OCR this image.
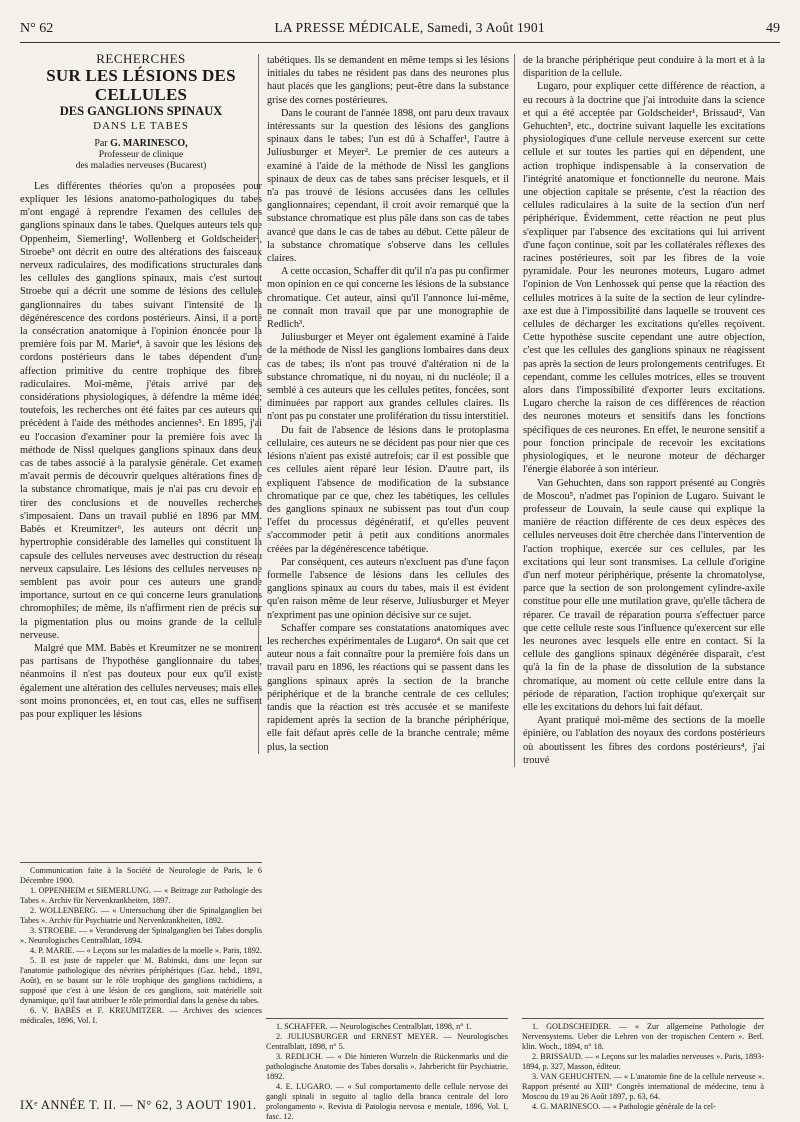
N° 62	LA PRESSE MÉDICALE, Samedi, 3 Août 1901	49
RECHERCHES
SUR LES LÉSIONS DES CELLULES
DES GANGLIONS SPINAUX
DANS LE TABES
Par G. MARINESCO,
Professeur de clinique
des maladies nerveuses (Bucarest)

Les différentes théories qu'on a proposées pour expliquer les lésions anatomo-pathologiques du tabes m'ont engagé à reprendre l'examen des cellules des ganglions spinaux dans le tabes. Quelques auteurs tels que Oppenheim, Siemerling¹, Wollenberg et Goldscheider², Stroebe³ ont décrit en outre des altérations des faisceaux nerveux radiculaires, des modifications structurales dans les cellules des ganglions spinaux, mais c'est surtout Stroebe qui a décrit une somme de lésions des cellules ganglionnaires du tabes suivant l'intensité de la dégénérescence des cordons postérieurs. Ainsi, il a porté la consécration anatomique à l'opinion énoncée pour la première fois par M. Marie⁴, à savoir que les lésions des cordons postérieurs dans le tabes dépendent d'une affection primitive du centre trophique des fibres radiculaires. Moi-même, j'étais arrivé par des considérations physiologiques, à défendre la même idée; toutefois, les recherches ont été faites par ces auteurs qui précèdent à l'aide des méthodes anciennes⁵. En 1895, j'ai eu l'occasion d'examiner pour la première fois avec la méthode de Nissl quelques ganglions spinaux dans deux cas de tabes associé à la paralysie générale. Cet examen m'avait permis de découvrir quelques altérations fines de la substance chromatique, mais je n'ai pas cru devoir en tirer des conclusions et de nouvelles recherches s'imposaient. Dans un travail publié en 1896 par MM. Babès et Kreumitzer⁶, les auteurs ont décrit une hypertrophie considérable des lamelles qui constituent la capsule des cellules nerveuses avec destruction du réseau nerveux capsulaire. Les lésions des cellules nerveuses ne semblent pas avoir pour ces auteurs une grande importance, surtout en ce qui concerne leurs granulations chromophiles; de même, ils n'affirment rien de précis sur la pigmentation plus ou moins grande de la cellule nerveuse.

Malgré que MM. Babès et Kreumitzer ne se montrent pas partisans de l'hypothèse ganglionnaire du tabes, néanmoins il n'est pas douteux pour eux qu'il existe également une altération des cellules nerveuses; mais elles sont moins prononcées, et, en tout cas, elles ne suffisent pas pour expliquer les lésions

tabétiques. Ils se demandent en même temps si les lésions initiales du tabes ne résident pas dans des neurones plus haut placés que les ganglions; peut-être dans la substance grise des cornes postérieures.

Dans le courant de l'année 1898, ont paru deux travaux intéressants sur la question des lésions des ganglions spinaux dans le tabes; l'un est dû à Schaffer¹, l'autre à Juliusburger et Meyer². Le premier de ces auteurs a examiné à l'aide de la méthode de Nissl les ganglions spinaux de deux cas de tabes sans préciser lesquels, et il n'a pas trouvé de lésions accusées dans les cellules ganglionnaires; cependant, il croit avoir remarqué que la substance chromatique est plus pâle dans son cas de tabes avancé que dans le cas de tabes au début. Cette pâleur de la substance chromatique s'observe dans les cellules claires.

A cette occasion, Schaffer dit qu'il n'a pas pu confirmer mon opinion en ce qui concerne les lésions de la substance chromatique. Cet auteur, ainsi qu'il l'annonce lui-même, ne connaît mon travail que par une monographie de Redlich³.

Juliusburger et Meyer ont également examiné à l'aide de la méthode de Nissl les ganglions lombaires dans deux cas de tabes; ils n'ont pas trouvé d'altération ni de la substance chromatique, ni du noyau, ni du nucléole; il a semblé à ces auteurs que les cellules petites, foncées, sont diminuées par rapport aux grandes cellules claires. Ils n'ont pas pu constater une prolifération du tissu interstitiel.

Du fait de l'absence de lésions dans le protoplasma cellulaire, ces auteurs ne se décident pas pour nier que ces lésions n'aient pas existé autrefois; car il est possible que ces cellules aient réparé leur lésion. D'autre part, ils expliquent l'absence de modification de la substance chromatique par ce que, chez les tabétiques, les cellules des ganglions spinaux ne subissent pas tout d'un coup l'effet du processus dégénératif, et qu'elles peuvent s'accommoder petit à petit aux conditions anormales créées par la dégénérescence tabétique.

Par conséquent, ces auteurs n'excluent pas d'une façon formelle l'absence de lésions dans les cellules des ganglions spinaux au cours du tabes, mais il est évident qu'en raison même de leur réserve, Juliusburger et Meyer n'expriment pas une opinion décisive sur ce sujet.

Schaffer compare ses constatations anatomiques avec les recherches expérimentales de Lugaro⁴. On sait que cet auteur nous a fait connaître pour la première fois dans un travail paru en 1896, les réactions qui se passent dans les ganglions spinaux après la section de la branche périphérique et de la branche centrale de ces cellules; tandis que la réaction est très accusée et se manifeste rapidement après la section de la branche périphérique, elle fait défaut après celle de la branche centrale; même plus, la section

de la branche périphérique peut conduire à la mort et à la disparition de la cellule.

Lugaro, pour expliquer cette différence de réaction, a eu recours à la doctrine que j'ai introduite dans la science et qui a été acceptée par Goldscheider¹, Brissaud², Van Gehuchten³, etc., doctrine suivant laquelle les excitations physiologiques d'une cellule nerveuse exercent sur cette cellule et sur toutes les parties qui en dépendent, une action trophique indispensable à la conservation de l'intégrité anatomique et fonctionnelle du neurone. Mais une objection capitale se présente, c'est la réaction des cellules radiculaires à la suite de la section d'un nerf périphérique. Évidemment, cette réaction ne peut plus s'expliquer par l'absence des excitations qui lui arrivent d'une façon continue, soit par les collatérales réflexes des racines postérieures, soit par les fibres de la voie pyramidale. Pour les neurones moteurs, Lugaro admet l'opinion de Von Lenhossek qui pense que la réaction des cellules motrices à la suite de la section de leur cylindre-axe est due à l'impossibilité dans laquelle se trouvent ces cellules de décharger les excitations qu'elles reçoivent. Cette hypothèse suscite cependant une autre objection, c'est que les cellules des ganglions spinaux ne réagissent pas après la section de leurs prolongements centrifuges. Et cependant, comme les cellules motrices, elles se trouvent alors dans l'impossibilité d'exporter leurs excitations. Lugaro cherche la raison de ces différences de réaction des neurones moteurs et sensitifs dans les fonctions spécifiques de ces neurones. En effet, le neurone sensitif a pour fonction principale de recevoir les excitations physiologiques, et le neurone moteur de décharger l'énergie élaborée à son intérieur.

Van Gehuchten, dans son rapport présenté au Congrès de Moscou⁵, n'admet pas l'opinion de Lugaro. Suivant le professeur de Louvain, la seule cause qui explique la manière de réaction différente de ces deux espèces des cellules nerveuses doit être cherchée dans l'intervention de l'action trophique, exercée sur ces cellules, par les excitations qui leur sont transmises. La cellule d'origine d'un nerf moteur périphérique, présente la chromatolyse, parce que la section de son prolongement cylindre-axile constitue pour elle une mutilation grave, qu'elle tâchera de réparer. Ce travail de réparation pourra s'effectuer parce que cette cellule reste sous l'influence qu'exercent sur elle les neurones avec lesquels elle entre en contact. Si la cellule des ganglions spinaux dégénérée disparaît, c'est qu'à la fin de la phase de dissolution de la substance chromatique, au moment où cette cellule entre dans la période de réparation, l'action trophique qu'exerçait sur elle les excitations du dehors lui fait défaut.

Ayant pratiqué moi-même des sections de la moelle épinière, ou l'ablation des noyaux des cordons postérieurs où aboutissent les fibres des cordons postérieurs⁴, j'ai trouvé

Communication faite à la Société de Neurologie de Paris, le 6 Décembre 1900.
1. OPPENHEIM et SIEMERLUNG. — « Beitrage zur Pathologie des Tabes ». Archiv für Nervenkrankheiten, 1897.
2. WOLLENBERG. — « Untersuchung über die Spinalganglien bei Tabes ». Archiv für Psychiatrie und Nervenkrankheiten, 1892.
3. STROEBE. — « Veranderung der Spinalganglien bei Tabes dorsplis ». Neurologisches Centralblatt, 1894.
4. P. MARIE. — « Leçons sur les maladies de la moelle ». Paris, 1892.
5. Il est juste de rappeler que M. Babinski, dans une leçon sur l'anatomie pathologique des névrites périphériques (Gaz. hebd., 1891, Août), en se basant sur le rôle trophique des ganglions rachidiens, a supposé que c'est à une lésion de ces ganglions, soit matérielle soit dynamique, qu'il faut attribuer le rôle primordial dans la genèse du tabes.
6. V. BABÈS et F. KREUMITZER. — Archives des sciences médicales, 1896, Vol. I.
1. SCHAFFER. — Neurologisches Centralblatt, 1898, n° 1.
2. JULIUSBURGER und ERNEST MEYER. — Neurologisches Centralblatt, 1898, n° 5.
3. REDLICH. — « Die hinteren Wurzeln die Rückenmarks und die pathologische Anatomie des Tabes dorsalis ». Jahrbericht für Psychiatrie, 1892.
4. E. LUGARO. — « Sul comportamento delle cellule nervose dei gangli spinali in seguito al taglio della branca centrale del loro prolongamento ». Revista di Patologia nervosa e mentale, 1896, Vol. I, fasc. 12.
1. GOLDSCHEIDER. — « Zur allgemeine Pathologie der Nervensystems. Ueber die Lehren von der tropischen Centern ». Berl. klin. Woch., 1894, n° 18.
2. BRISSAUD. — « Leçons sur les maladies nerveuses ». Paris, 1893-1894, p. 327, Masson, éditeur.
3. VAN GEHUCHTEN. — « L'anatomie fine de la cellule nerveuse ». Rapport présenté au XIII° Congrès international de médecine, tenu à Moscou du 19 au 26 Août 1897, p. 63, 64.
4. G. MARINESCO. — « Pathologie générale de la cel-
IXᵉ ANNÉE T. II. — N° 62, 3 AOUT 1901.
